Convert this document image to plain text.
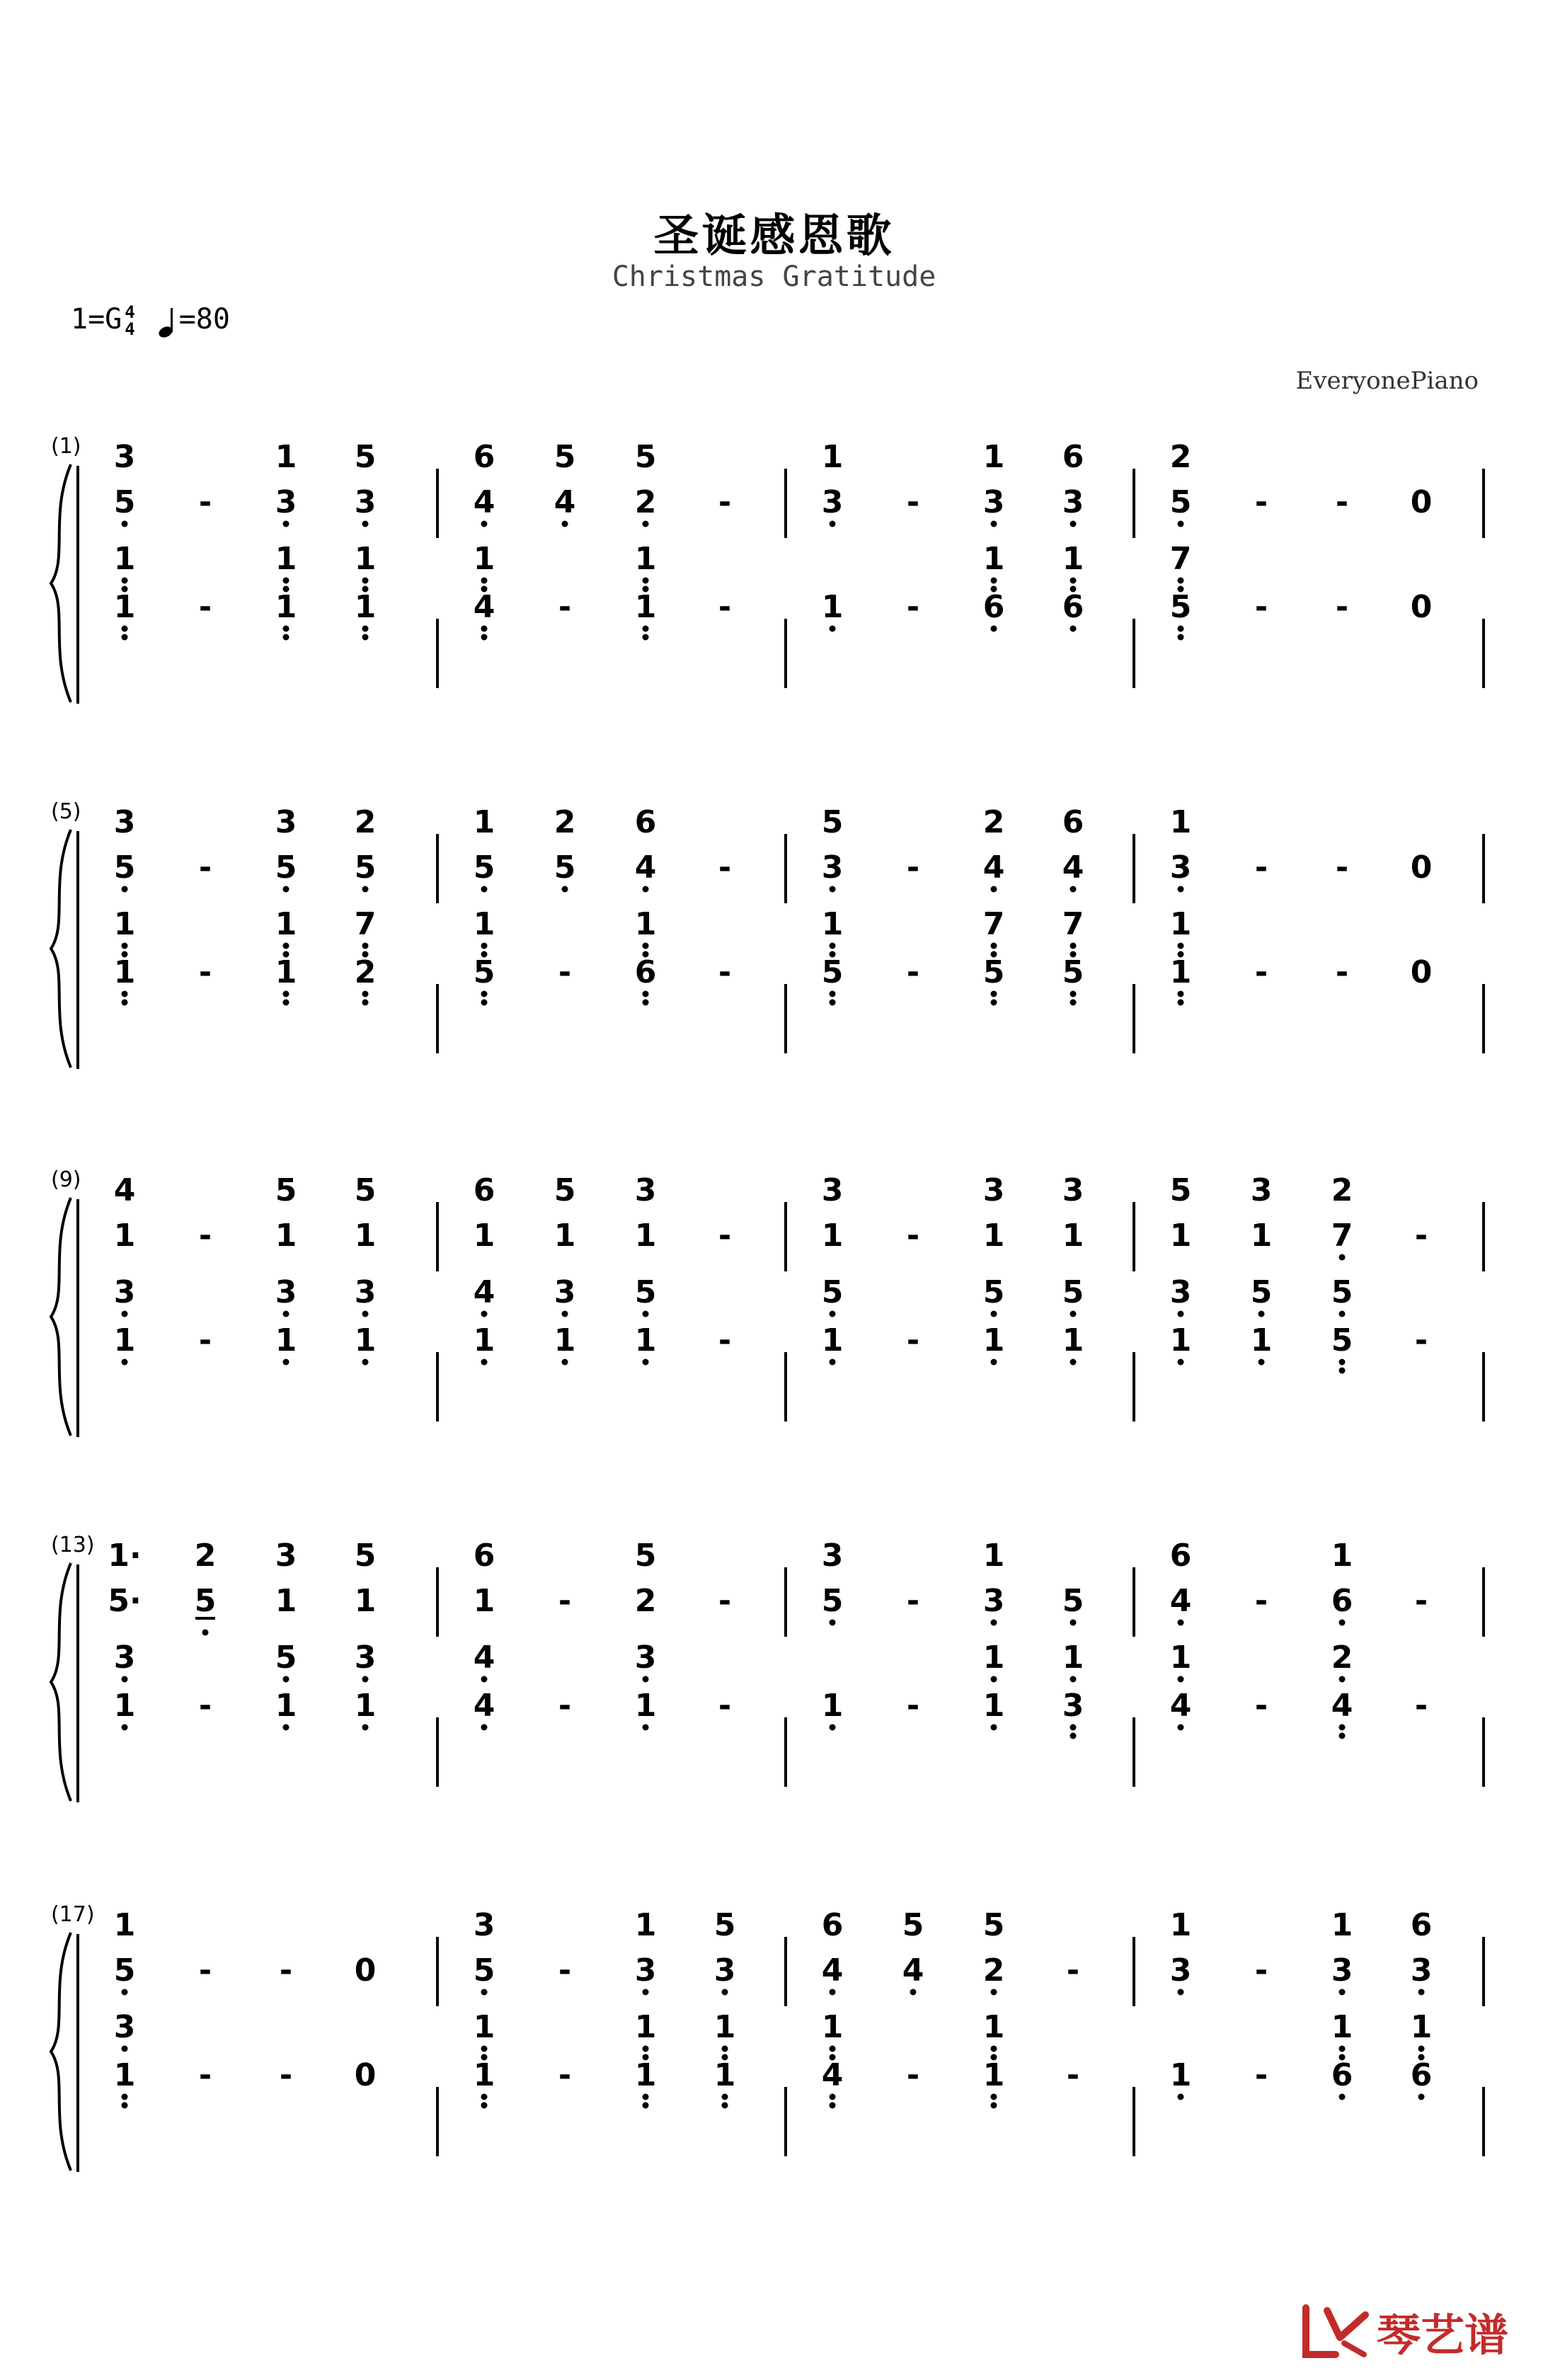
圣诞感恩歌
Christmas Gratitude
1=G 4
4 =80
EveryonePiano
(1) 3
5 -
1
3
5
3
1
1 -
1
1
1
1
6
4
5
4
5
2 -
1
4 -
1
1 -
1
3 -
1
3
6
3
1 -
1
6
1
6
2
5 - - 0
7
5 - - 0
(5) 3
5 -
3
5
2
5
1
1 -
1
1
7
2
1
5
2
5
6
4 -
1
5 -
1
6 -
5
3 -
2
4
6
4
1
5 -
7
5
7
5
1
3 - - 0
1
1 - - 0
(9) 4
1 -
5
1
5
1
3
1 -
3
1
3
1
6
1
5
1
3
1 -
4
1
3
1
5
1 -
3
1 -
3
1
3
1
5
1 -
5
1
5
1
5
1
3
1
2
7 -
3
1
5
1
5
5 -
(13) 1·
5·
2
5
3
1
5
1
3
1 -
5
1
3
1
6
1 -
5
2 -
4
4 -
3
1 -
3
5 -
1
3 5
1 -
1
1
1
3
6
4 -
1
6 -
1
4 -
2
4 -
(17) 1
5 - - 0
3
1 - - 0
3
5 -
1
3
5
3
1
1 -
1
1
1
1
6
4
5
4
5
2 -
1
4 -
1
1 -
1
3 -
1
3
6
3
1 -
1
6
1
6
琴艺谱
